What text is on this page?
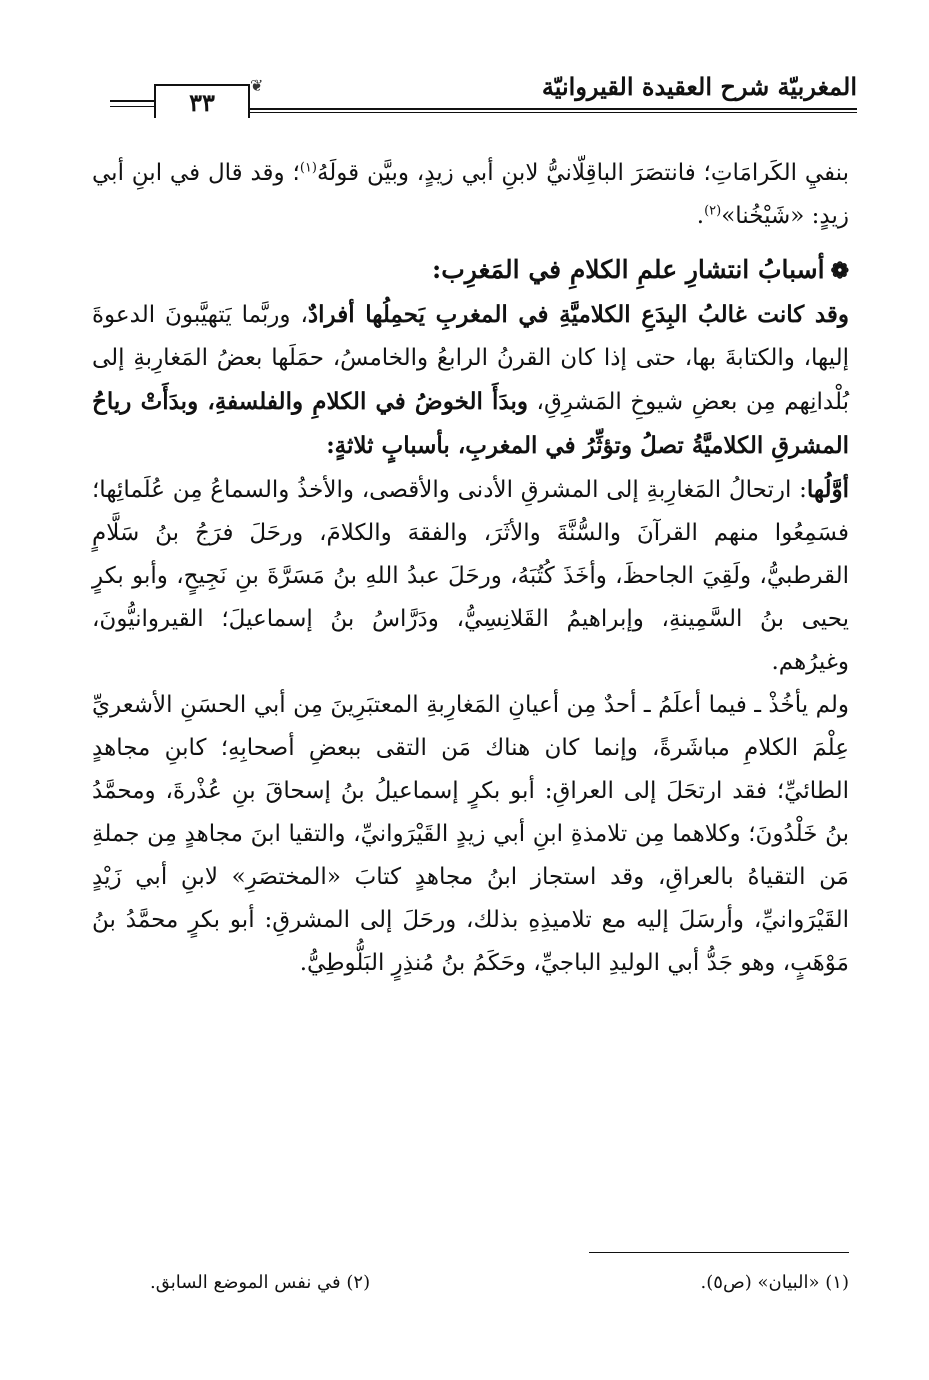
المغربيّة شرح العقيدة القيروانيّة
٣٣
❦

بنفيِ الكَرامَاتِ؛ فانتصَرَ الباقِلّانيُّ لابنِ أبي زيدٍ، وبيَّن قولَهُ$^{(١)}$؛ وقد قال في ابنِ أبي زيدٍ: «شَيْخُنا»$^{(٢)}$.

❁أسبابُ انتشارِ علمِ الكلامِ في المَغرِب:

وقد كانت غالبُ البِدَعِ الكلاميَّةِ في المغربِ يَحمِلُها أفرادٌ، وربَّما يَتهيَّبونَ الدعوةَ إليها، والكتابةَ بها، حتى إذا كان القرنُ الرابعُ والخامسُ، حمَلَها بعضُ المَغارِبةِ إلى بُلْدانِهم مِن بعضِ شيوخِ المَشرِقِ، وبدَأَ الخوضُ في الكلامِ والفلسفةِ، وبدَأَتْ رياحُ المشرقِ الكلاميَّةُ تصلُ وتؤثِّرُ في المغربِ، بأسبابٍ ثلاثةٍ:

أوَّلُها: ارتحالُ المَغارِبةِ إلى المشرقِ الأدنى والأقصى، والأخذُ والسماعُ مِن عُلَمائِها؛ فسَمِعُوا منهم القرآنَ والسُّنَّةَ والأثَرَ، والفقهَ والكلامَ، ورحَلَ فرَجُ بنُ سَلَّامٍ القرطبيُّ، ولَقِيَ الجاحظَ، وأخَذَ كُتُبَهُ، ورحَلَ عبدُ اللهِ بنُ مَسَرَّةَ بنِ نَجِيحٍ، وأبو بكرٍ يحيى بنُ السَّمِينةِ، وإبراهيمُ القَلانِسِيُّ، ودَرَّاسُ بنُ إسماعيلَ؛ القيروانيُّونَ، وغيرُهم.

ولم يأخُذْ ـ فيما أعلَمُ ـ أحدٌ مِن أعيانِ المَغارِبةِ المعتبَرِينَ مِن أبي الحسَنِ الأشعريِّ عِلْمَ الكلامِ مباشَرةً، وإنما كان هناك مَن التقى ببعضِ أصحابِهِ؛ كابنِ مجاهدٍ الطائيِّ؛ فقد ارتحَلَ إلى العراقِ: أبو بكرٍ إسماعيلُ بنُ إسحاقَ بنِ عُذْرةَ، ومحمَّدُ بنُ خَلْدُونَ؛ وكلاهما مِن تلامذةِ ابنِ أبي زيدٍ القَيْرَوانيِّ، والتقيا ابنَ مجاهدٍ مِن جملةِ مَن التقياهُ بالعراقِ، وقد استجاز ابنُ مجاهدٍ كتابَ «المختصَرِ» لابنِ أبي زَيْدٍ القَيْرَوانيِّ، وأرسَلَ إليه مع تلاميذِهِ بذلك، ورحَلَ إلى المشرقِ: أبو بكرٍ محمَّدُ بنُ مَوْهَبٍ، وهو جَدُّ أبي الوليدِ الباجيِّ، وحَكَمُ بنُ مُنذِرٍ البَلُّوطِيُّ.

(١) «البيان» (ص٥).
(٢) في نفس الموضع السابق.
